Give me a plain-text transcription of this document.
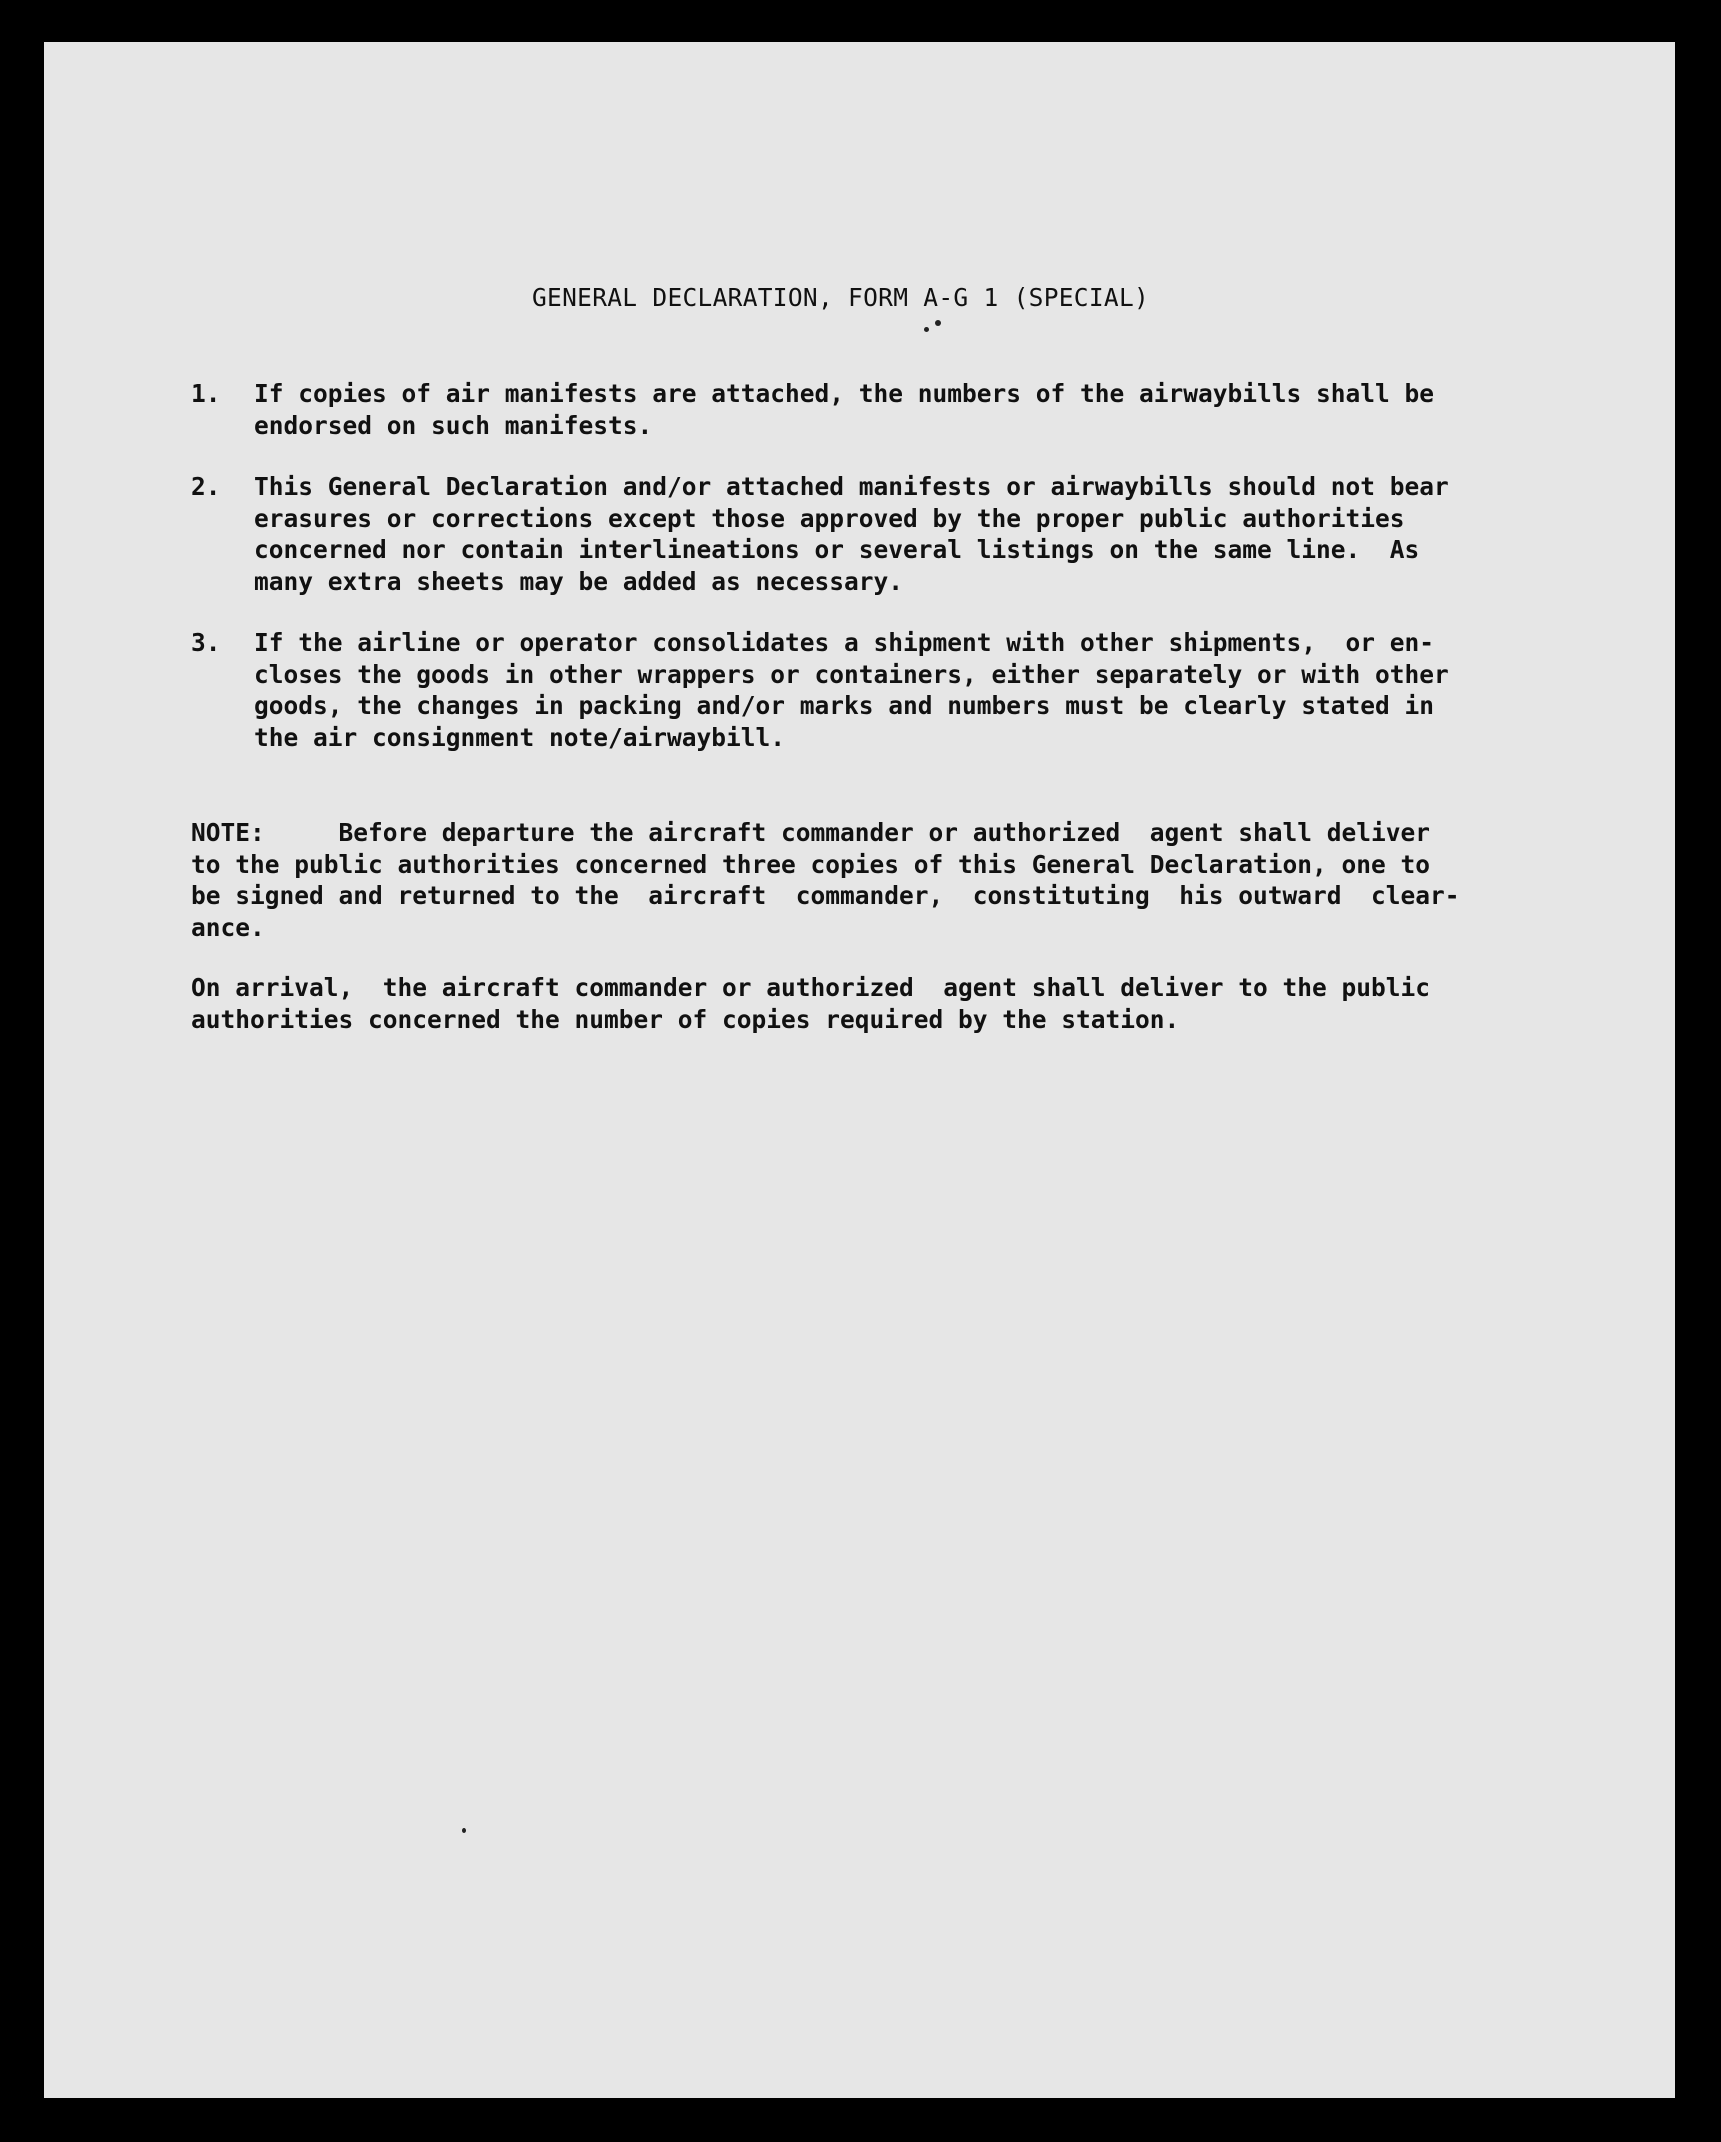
GENERAL DECLARATION, FORM A-G 1 (SPECIAL)
1. If copies of air manifests are attached, the numbers of the airwaybills shall be
endorsed on such manifests.
2. This General Declaration and/or attached manifests or airwaybills should not bear
erasures or corrections except those approved by the proper public authorities
concerned nor contain interlineations or several listings on the same line.  As
many extra sheets may be added as necessary.
3. If the airline or operator consolidates a shipment with other shipments,  or en-
closes the goods in other wrappers or containers, either separately or with other
goods, the changes in packing and/or marks and numbers must be clearly stated in
the air consignment note/airwaybill.
NOTE:     Before departure the aircraft commander or authorized  agent shall deliver
to the public authorities concerned three copies of this General Declaration, one to
be signed and returned to the  aircraft  commander,  constituting  his outward  clear-
ance.
On arrival,  the aircraft commander or authorized  agent shall deliver to the public
authorities concerned the number of copies required by the station.
